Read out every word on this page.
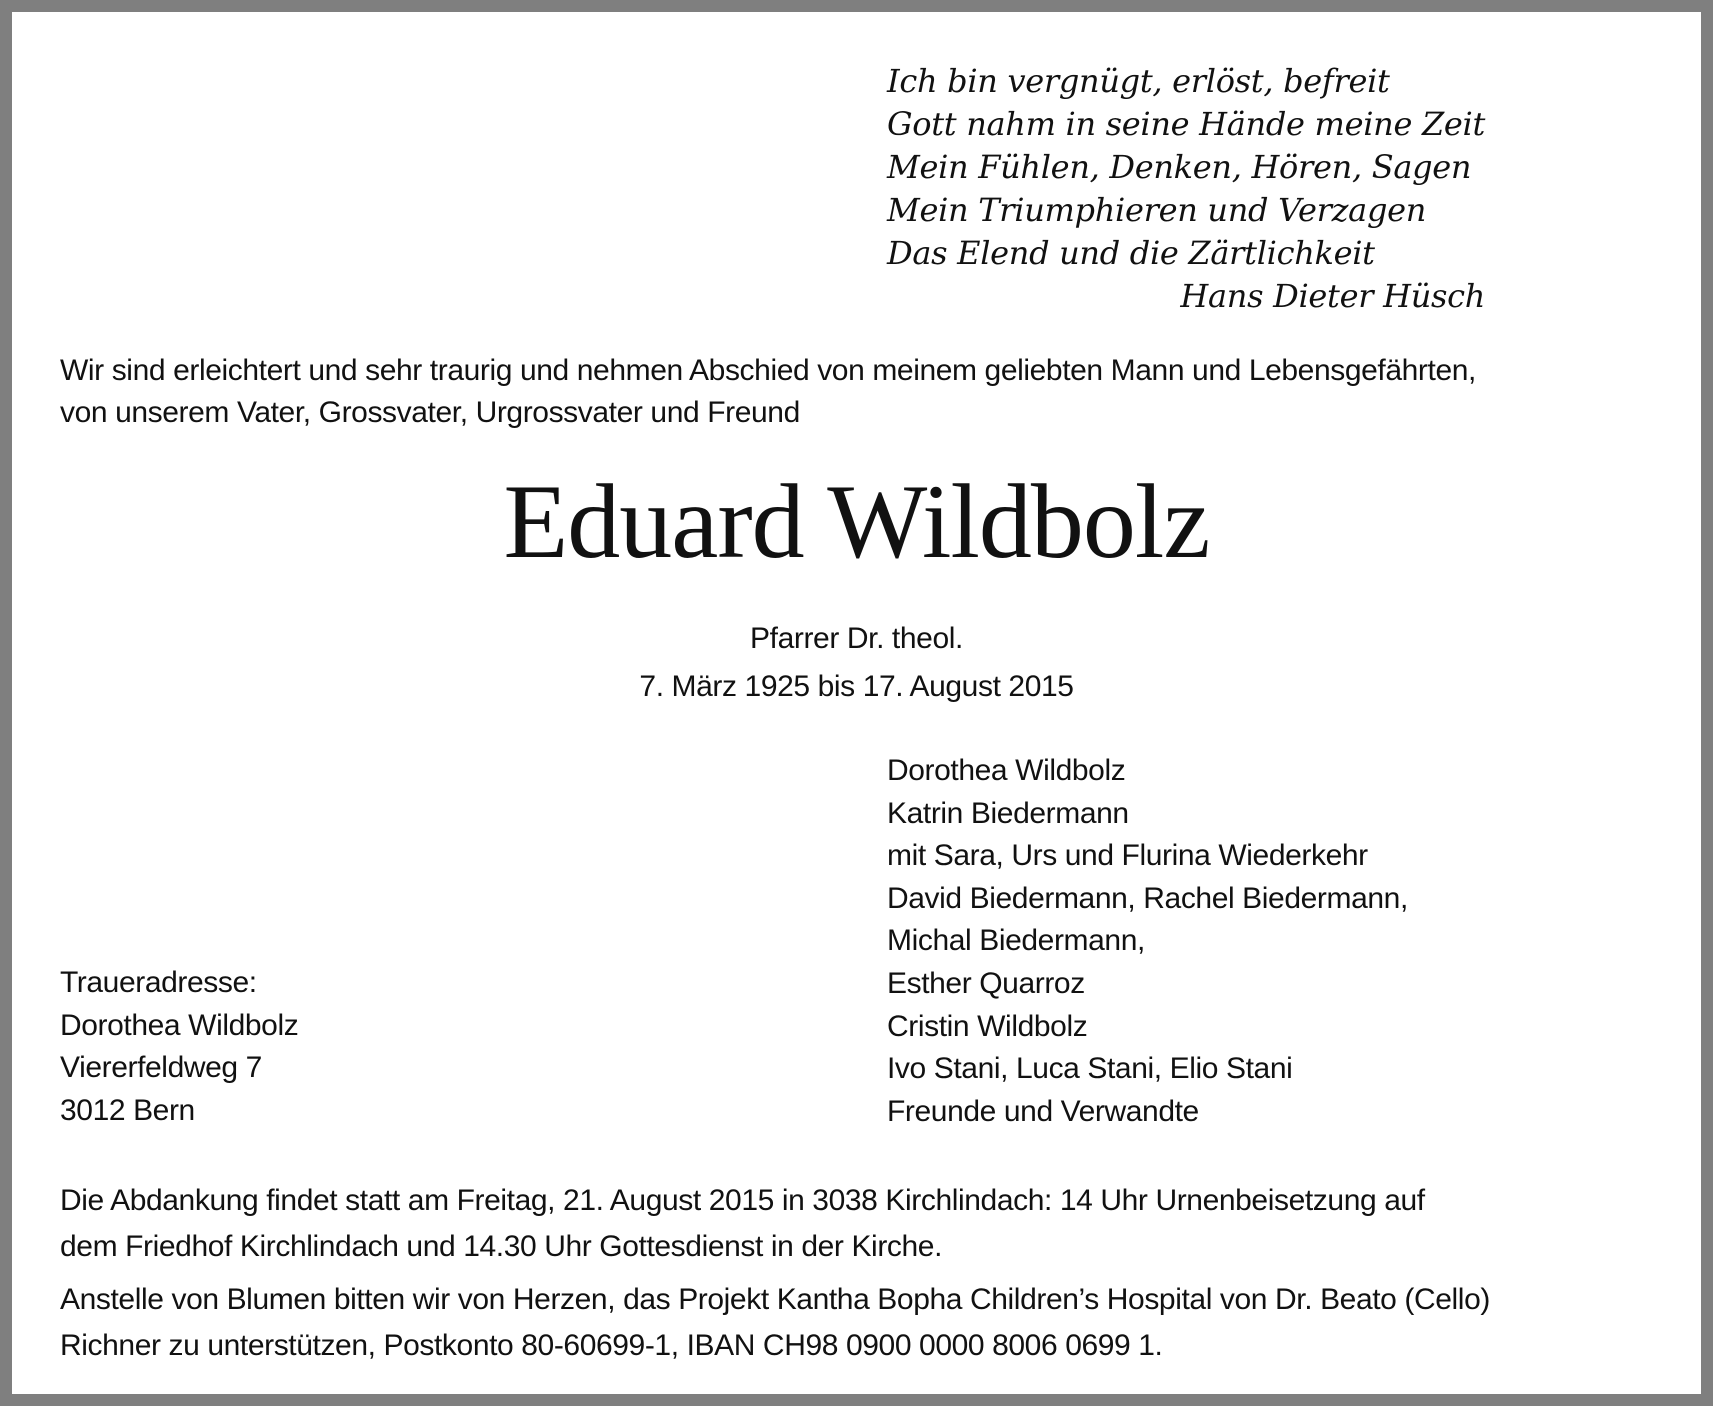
Ich bin vergnügt, erlöst, befreit
Gott nahm in seine Hände meine Zeit
Mein Fühlen, Denken, Hören, Sagen
Mein Triumphieren und Verzagen
Das Elend und die Zärtlichkeit
Hans Dieter Hüsch
Wir sind erleichtert und sehr traurig und nehmen Abschied von meinem geliebten Mann und Lebensgefährten,
von unserem Vater, Grossvater, Urgrossvater und Freund
Eduard Wildbolz
Pfarrer Dr. theol.
7. März 1925 bis 17. August 2015
Dorothea Wildbolz
Katrin Biedermann
mit Sara, Urs und Flurina Wiederkehr
David Biedermann, Rachel Biedermann,
Michal Biedermann,
Esther Quarroz
Cristin Wildbolz
Ivo Stani, Luca Stani, Elio Stani
Freunde und Verwandte
Traueradresse:
Dorothea Wildbolz
Viererfeldweg 7
3012 Bern
Die Abdankung findet statt am Freitag, 21. August 2015 in 3038 Kirchlindach: 14 Uhr Urnenbeisetzung auf
dem Friedhof Kirchlindach und 14.30 Uhr Gottesdienst in der Kirche.
Anstelle von Blumen bitten wir von Herzen, das Projekt Kantha Bopha Children’s Hospital von Dr. Beato (Cello)
Richner zu unterstützen, Postkonto 80-60699-1, IBAN CH98 0900 0000 8006 0699 1.
